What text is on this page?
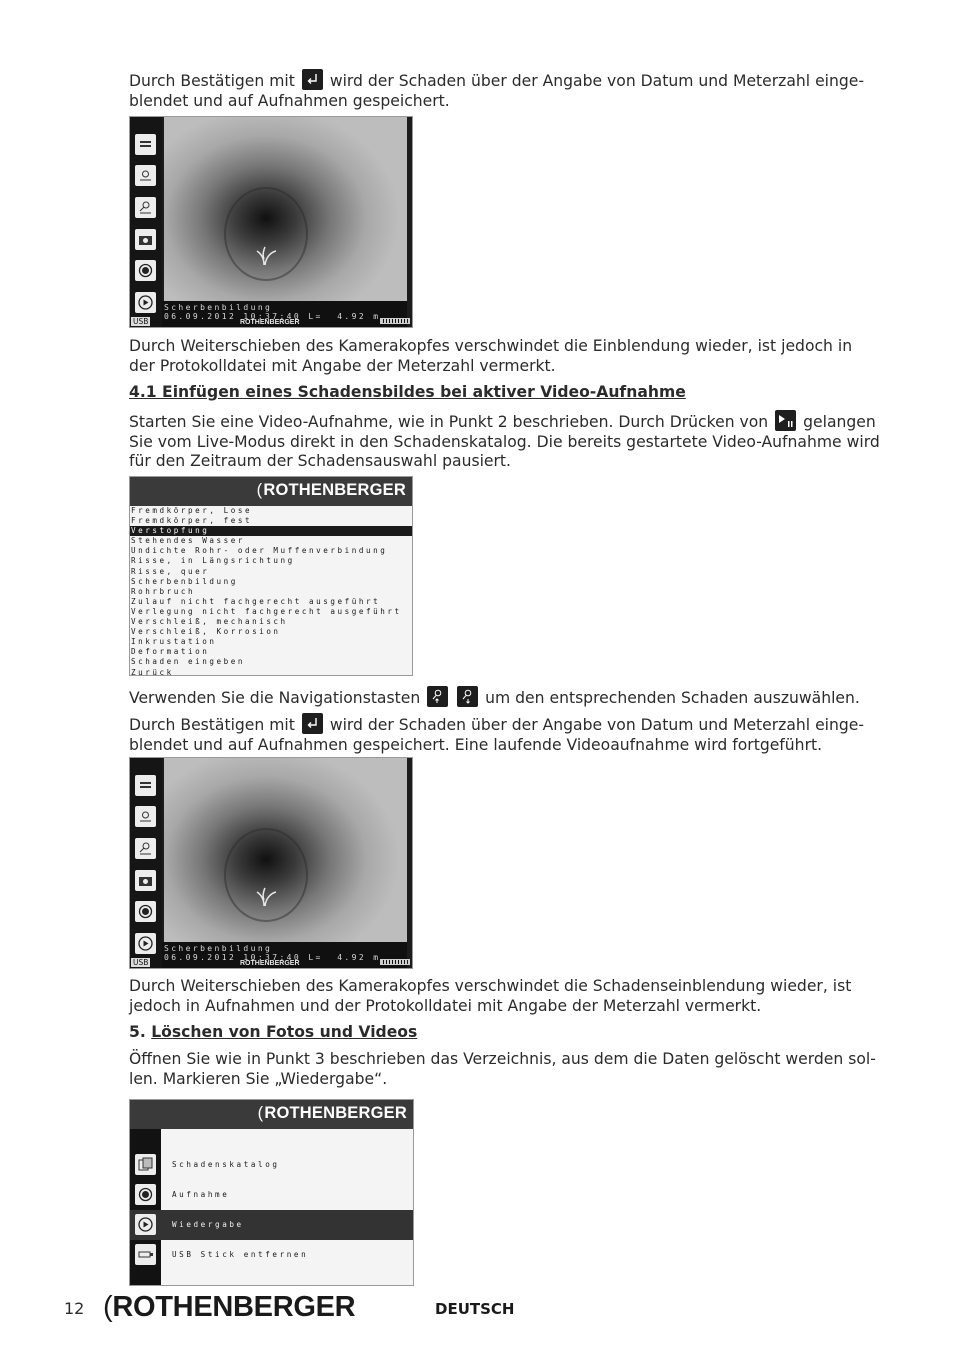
Durch Bestätigen mit wird der Schaden über der Angabe von Datum und Meterzahl einge-blendet und auf Aufnahmen gespeichert.
Scherbenbildung
06.09.2012 10:37:40 L=  4.92 m
USB	ROTHENBERGER
Durch Weiterschieben des Kamerakopfes verschwindet die Einblendung wieder, ist jedoch in der Protokolldatei mit Angabe der Meterzahl vermerkt.
4.1 Einfügen eines Schadensbildes bei aktiver Video-Aufnahme
Starten Sie eine Video-Aufnahme, wie in Punkt 2 beschrieben. Durch Drücken von gelangen Sie vom Live-Modus direkt in den Schadenskatalog. Die bereits gestartete Video-Aufnahme wird für den Zeitraum der Schadensauswahl pausiert.
(ROTHENBERGER
Fremdkörper, Lose
Fremdkörper, fest
Verstopfung
Stehendes Wasser
Undichte Rohr- oder Muffenverbindung
Risse, in Längsrichtung
Risse, quer
Scherbenbildung
Rohrbruch
Zulauf nicht fachgerecht ausgeführt
Verlegung nicht fachgerecht ausgeführt
Verschleiß, mechanisch
Verschleiß, Korrosion
Inkrustation
Deformation
Schaden eingeben
Zurück
Verwenden Sie die Navigationstasten
	um den entsprechenden Schaden auszuwählen.
Durch Bestätigen mit wird der Schaden über der Angabe von Datum und Meterzahl einge-blendet und auf Aufnahmen gespeichert. Eine laufende Videoaufnahme wird fortgeführt.
Scherbenbildung
06.09.2012 10:37:40 L=  4.92 m
USB	ROTHENBERGER
Durch Weiterschieben des Kamerakopfes verschwindet die Schadenseinblendung wieder, ist jedoch in Aufnahmen und der Protokolldatei mit Angabe der Meterzahl vermerkt.
5. Löschen von Fotos und Videos
Öffnen Sie wie in Punkt 3 beschrieben das Verzeichnis, aus dem die Daten gelöscht werden sol-len. Markieren Sie „Wiedergabe“.
(ROTHENBERGER
Schadenskatalog
Aufnahme
Wiedergabe
USB Stick entfernen
12 (ROTHENBERGER	DEUTSCH
